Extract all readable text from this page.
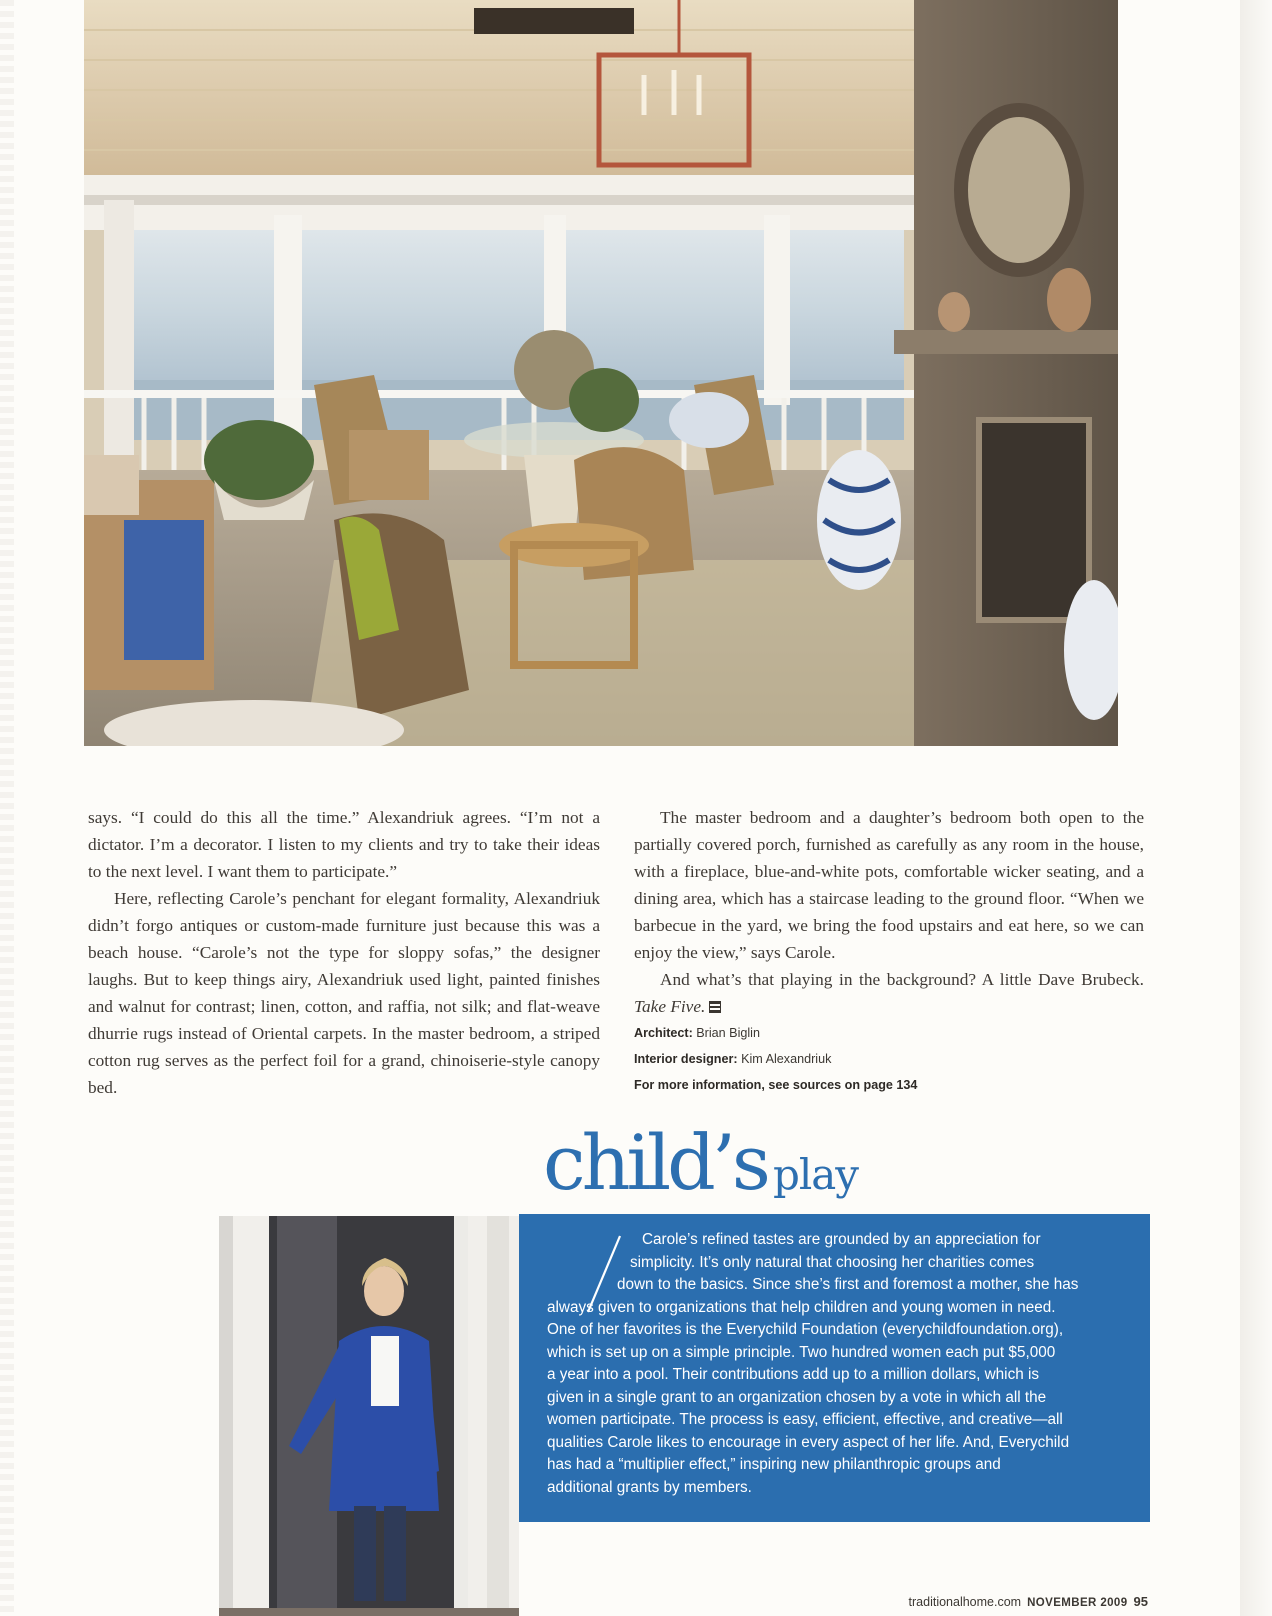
says. “I could do this all the time.” Alexandriuk agrees. “I’m not a dictator. I’m a decorator. I listen to my clients and try to take their ideas to the next level. I want them to participate.”

Here, reflecting Carole’s penchant for elegant formality, Alexandriuk didn’t forgo antiques or custom-made furniture just because this was a beach house. “Carole’s not the type for sloppy sofas,” the designer laughs. But to keep things airy, Alexandriuk used light, painted finishes and walnut for contrast; linen, cotton, and raffia, not silk; and flat-weave dhurrie rugs instead of Oriental carpets. In the master bedroom, a striped cotton rug serves as the perfect foil for a grand, chinoiserie-style canopy bed.

The master bedroom and a daughter’s bedroom both open to the partially covered porch, furnished as carefully as any room in the house, with a fireplace, blue-and-white pots, comfortable wicker seating, and a dining area, which has a staircase leading to the ground floor. “When we barbecue in the yard, we bring the food upstairs and eat here, so we can enjoy the view,” says Carole.

And what’s that playing in the background? A little Dave Brubeck. Take Five.

Architect: Brian Biglin
Interior designer: Kim Alexandriuk
For more information, see sources on page 134
child’s play
Carole’s refined tastes are grounded by an appreciation for
simplicity. It’s only natural that choosing her charities comes
down to the basics. Since she’s first and foremost a mother, she has
always given to organizations that help children and young women in need.
One of her favorites is the Everychild Foundation (everychildfoundation.org),
which is set up on a simple principle. Two hundred women each put $5,000
a year into a pool. Their contributions add up to a million dollars, which is
given in a single grant to an organization chosen by a vote in which all the
women participate. The process is easy, efficient, effective, and creative—all
qualities Carole likes to encourage in every aspect of her life. And, Everychild
has had a “multiplier effect,” inspiring new philanthropic groups and
additional grants by members.
traditionalhome.com NOVEMBER 2009 95
